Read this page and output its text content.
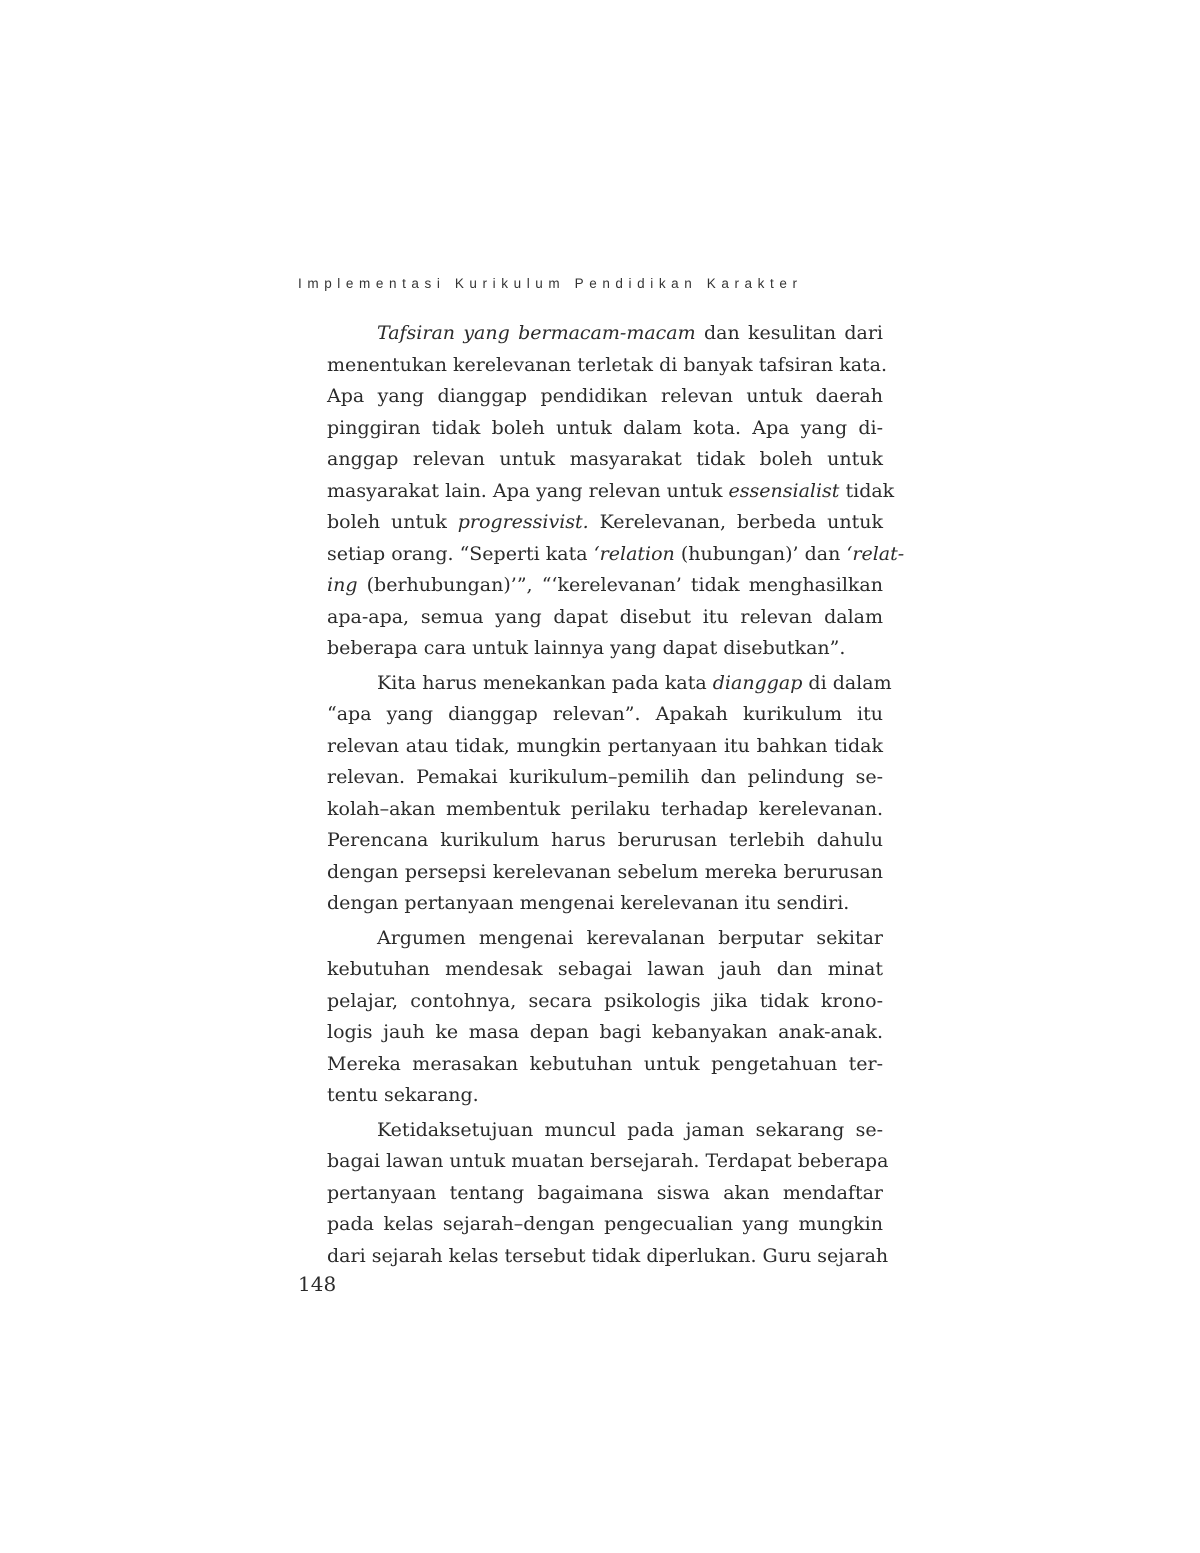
Implementasi Kurikulum Pendidikan Karakter
Tafsiran yang bermacam-macam dan kesulitan dari
menentukan kerelevanan terletak di banyak tafsiran kata.
Apa yang dianggap pendidikan relevan untuk daerah
pinggiran tidak boleh untuk dalam kota. Apa yang di-
anggap relevan untuk masyarakat tidak boleh untuk
masyarakat lain. Apa yang relevan untuk essensialist tidak
boleh untuk progressivist. Kerelevanan, berbeda untuk
setiap orang. “Seperti kata ‘relation (hubungan)’ dan ‘relat-
ing (berhubungan)’”, “‘kerelevanan’ tidak menghasilkan
apa-apa, semua yang dapat disebut itu relevan dalam
beberapa cara untuk lainnya yang dapat disebutkan”.
Kita harus menekankan pada kata dianggap di dalam
“apa yang dianggap relevan”. Apakah kurikulum itu
relevan atau tidak, mungkin pertanyaan itu bahkan tidak
relevan. Pemakai kurikulum–pemilih dan pelindung se-
kolah–akan membentuk perilaku terhadap kerelevanan.
Perencana kurikulum harus berurusan terlebih dahulu
dengan persepsi kerelevanan sebelum mereka berurusan
dengan pertanyaan mengenai kerelevanan itu sendiri.
Argumen mengenai kerevalanan berputar sekitar
kebutuhan mendesak sebagai lawan jauh dan minat
pelajar, contohnya, secara psikologis jika tidak krono-
logis jauh ke masa depan bagi kebanyakan anak-anak.
Mereka merasakan kebutuhan untuk pengetahuan ter-
tentu sekarang.
Ketidaksetujuan muncul pada jaman sekarang se-
bagai lawan untuk muatan bersejarah. Terdapat beberapa
pertanyaan tentang bagaimana siswa akan mendaftar
pada kelas sejarah–dengan pengecualian yang mungkin
dari sejarah kelas tersebut tidak diperlukan. Guru sejarah
148
